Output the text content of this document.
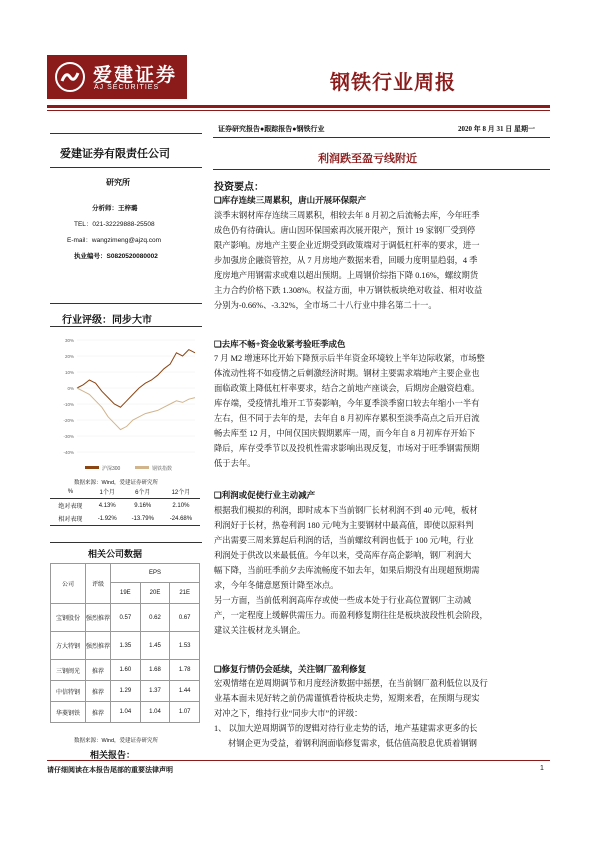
爱建证券
AJ SECURITIES	钢铁行业周报
爱建证券有限责任公司
研究所
分析师：王梓璐
TEL：021-32229888-25508
E-mail：wangzimeng@ajzq.com
执业编号：S0820520080002
行业评级：同步大市
30%
20%
10%
0%
-10%
-20%
-30%
-40%
沪深300	钢铁指数
数据来源：Wind，爱建证券研究所
%	1个月	6个月	12个月
绝对表现	4.13%	9.16%	2.10%
相对表现	-1.92%	-13.79%	-24.68%
相关公司数据
公司	评级	EPS		
		19E	20E	21E
宝钢股份	强烈推荐	0.57	0.62	0.67
方大特钢	强烈推荐	1.35	1.45	1.53
三钢闽光	推荐	1.60	1.68	1.78
中信特钢	推荐	1.29	1.37	1.44
华菱钢铁	推荐	1.04	1.04	1.07
数据来源：Wind，爱建证券研究所
相关报告：
证券研究报告●跟踪报告●钢铁行业	2020 年 8 月 31 日 星期一
利润跌至盈亏线附近
投资要点：
❑库存连续三周累积，唐山开展环保限产
淡季末钢材库存连续三周累积，相较去年 8 月初之后流畅去库，今年旺季
成色仍有待确认。唐山因环保国索再次展开限产，预计 19 家钢厂受到停
限产影响。房地产主要企业近期受到政策端对于调低杠杆率的要求，进一
步加强房企融资管控，从 7 月房地产数据来看，回暖力度明显趋弱，4 季
度房地产用钢需求或难以超出预期。上周钢价综指下降 0.16%，螺纹期货
主力合约价格下跌 1.308%。权益方面，申万钢铁板块绝对收益、相对收益
分别为-0.66%、-3.32%，全市场二十八行业中排名第二十一。
❑去库不畅+资金收紧考验旺季成色
7 月 M2 增速环比开始下降预示后半年资金环境较上半年边际收紧，市场整
体流动性将不如疫情之后刺激经济时期。钢材主要需求端地产主要企业也
面临政策上降低杠杆率要求，结合之前地产座谈会，后期房企融资趋难。
库存端，受疫情扎堆开工节奏影响，今年夏季淡季窗口较去年缩小一半有
左右，但不同于去年的是，去年自 8 月初库存累积至淡季高点之后开启流
畅去库至 12 月，中间仅国庆假期累库一周，而今年自 8 月初库存开始下
降后，库存受季节以及投机性需求影响出现反复，市场对于旺季钢需预期
低于去年。
❑利润或促使行业主动减产
根据我们模拟的利润，即时成本下当前钢厂长材利润不到 40 元/吨，板材
利润好于长材，热卷利润 180 元/吨为主要钢材中最高值，即使以原料判
产出需要三周来算起后利润的话，当前螺纹利润也低于 100 元/吨，行业
利润处于供改以来最低值。今年以来，受高库存高企影响，钢厂利润大
幅下降，当前旺季前夕去库流畅度不如去年，如果后期没有出现超预期需
求，今年冬储意愿预计降至冰点。
另一方面，当前低利润高库存或使一些成本处于行业高位置钢厂主动减
产，一定程度上缓解供需压力。而盈利修复期往往是板块波段性机会阶段，
建议关注板材龙头钢企。
❑修复行情仍会延续，关注钢厂盈利修复
宏观情绪在逆周期调节和月度经济数据中摇摆，在当前钢厂盈利低位以及行
业基本面未见好转之前仍需谨慎看待板块走势，短期来看，在预期与现实
对冲之下，维持行业“同步大市”的评级：
1、 以加大逆周期调节的逻辑对待行业走势的话，地产基建需求更多的长
材钢企更为受益，着钢利润面临修复需求，低估值高股息优质着钢钢
请仔细阅读在本报告尾部的重要法律声明	1
